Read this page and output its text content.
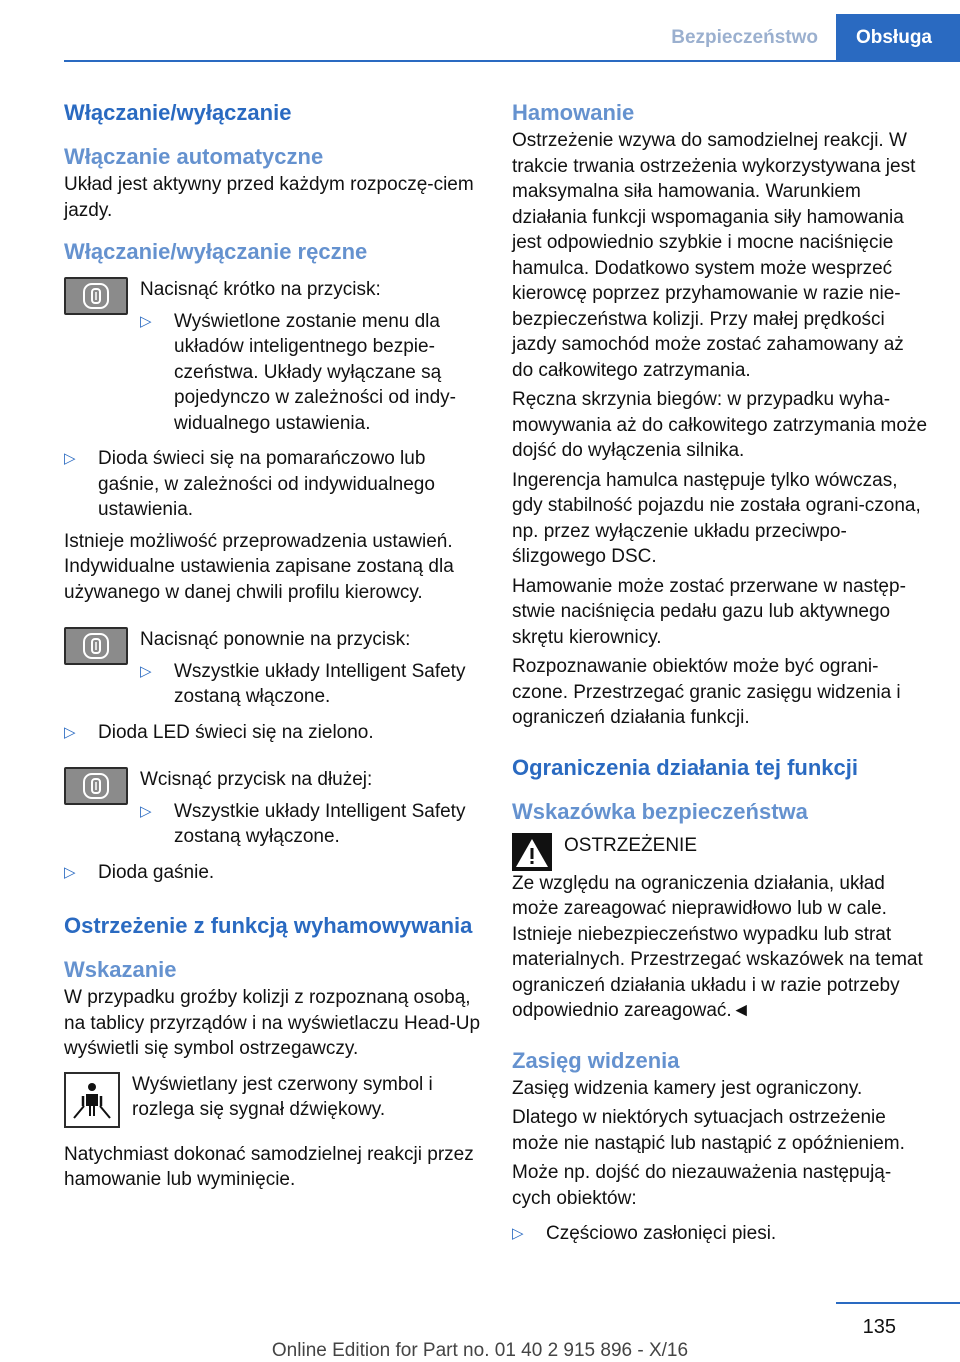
Bezpieczeństwo	Obsługa
Włączanie/wyłączanie
Włączanie automatyczne

Układ jest aktywny przed każdym rozpoczę‐ciem jazdy.

Włączanie/wyłączanie ręczne

Nacisnąć krótko na przycisk:

▷	Wyświetlone zostanie menu dla układów inteligentnego bezpie‐czeństwa. Układy wyłączane są pojedynczo w zależności od indy‐widualnego ustawienia.
▷	Dioda świeci się na pomarańczowo lub gaśnie, w zależności od indywidualnego ustawienia.

Istnieje możliwość przeprowadzenia ustawień. Indywidualne ustawienia zapisane zostaną dla używanego w danej chwili profilu kierowcy.

Nacisnąć ponownie na przycisk:

▷	Wszystkie układy Intelligent Safety zostaną włączone.
▷	Dioda LED świeci się na zielono.

Wcisnąć przycisk na dłużej:

▷	Wszystkie układy Intelligent Safety zostaną wyłączone.
▷	Dioda gaśnie.
Ostrzeżenie z funkcją wyhamowywania
Wskazanie

W przypadku groźby kolizji z rozpoznaną osobą, na tablicy przyrządów i na wyświetlaczu Head-Up wyświetli się symbol ostrzegawczy.

Wyświetlany jest czerwony symbol i rozlega się sygnał dźwiękowy.

Natychmiast dokonać samodzielnej reakcji przez hamowanie lub wyminięcie.

Hamowanie

Ostrzeżenie wzywa do samodzielnej reakcji. W trakcie trwania ostrzeżenia wykorzystywana jest maksymalna siła hamowania. Warunkiem działania funkcji wspomagania siły hamowania jest odpowiednio szybkie i mocne naciśnięcie hamulca. Dodatkowo system może wesprzeć kierowcę poprzez przyhamowanie w razie nie‐bezpieczeństwa kolizji. Przy małej prędkości jazdy samochód może zostać zahamowany aż do całkowitego zatrzymania.

Ręczna skrzynia biegów: w przypadku wyha‐mowywania aż do całkowitego zatrzymania może dojść do wyłączenia silnika.

Ingerencja hamulca następuje tylko wówczas, gdy stabilność pojazdu nie została ograni‐czona, np. przez wyłączenie układu przeciwpo‐ślizgowego DSC.

Hamowanie może zostać przerwane w następ‐stwie naciśnięcia pedału gazu lub aktywnego skrętu kierownicy.

Rozpoznawanie obiektów może być ograni‐czone. Przestrzegać granic zasięgu widzenia i ograniczeń działania funkcji.

Ograniczenia działania tej funkcji
Wskazówka bezpieczeństwa

OSTRZEŻENIE

Ze względu na ograniczenia działania, układ może zareagować nieprawidłowo lub w cale. Istnieje niebezpieczeństwo wypadku lub strat materialnych. Przestrzegać wskazówek na temat ograniczeń działania układu i w razie potrzeby odpowiednio zareagować.◄

Zasięg widzenia

Zasięg widzenia kamery jest ograniczony.

Dlatego w niektórych sytuacjach ostrzeżenie może nie nastąpić lub nastąpić z opóźnieniem.

Może np. dojść do niezauważenia następują‐cych obiektów:

▷	Częściowo zasłonięci piesi.
135
Online Edition for Part no. 01 40 2 915 896 - X/16
